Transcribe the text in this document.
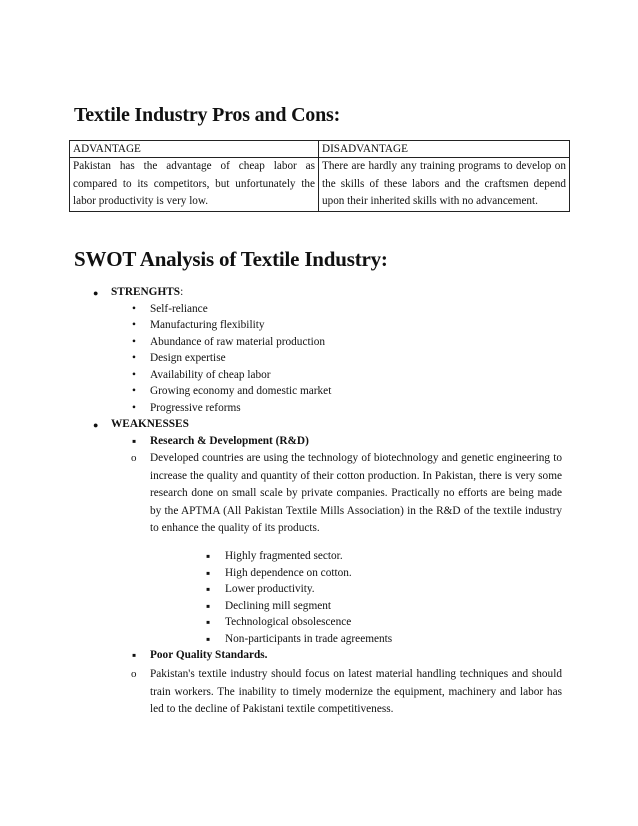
Textile Industry Pros and Cons:
ADVANTAGE	DISADVANTAGE
Pakistan has the advantage of cheap labor as compared to its competitors, but unfortunately the labor productivity is very low.	There are hardly any training programs to develop on the skills of these labors and the craftsmen depend upon their inherited skills with no advancement.
SWOT Analysis of Textile Industry:
● STRENGHTS:
• Self-reliance
• Manufacturing flexibility
• Abundance of raw material production
• Design expertise
• Availability of cheap labor
• Growing economy and domestic market
• Progressive reforms
● WEAKNESSES
▪ Research & Development (R&D)
o Developed countries are using the technology of biotechnology and genetic engineering to increase the quality and quantity of their cotton production. In Pakistan, there is very some research done on small scale by private companies. Practically no efforts are being made by the APTMA (All Pakistan Textile Mills Association) in the R&D of the textile industry to enhance the quality of its products.
▪ Highly fragmented sector.
▪ High dependence on cotton.
▪ Lower productivity.
▪ Declining mill segment
▪ Technological obsolescence
▪ Non-participants in trade agreements
▪ Poor Quality Standards.
o Pakistan's textile industry should focus on latest material handling techniques and should train workers. The inability to timely modernize the equipment, machinery and labor has led to the decline of Pakistani textile competitiveness.
